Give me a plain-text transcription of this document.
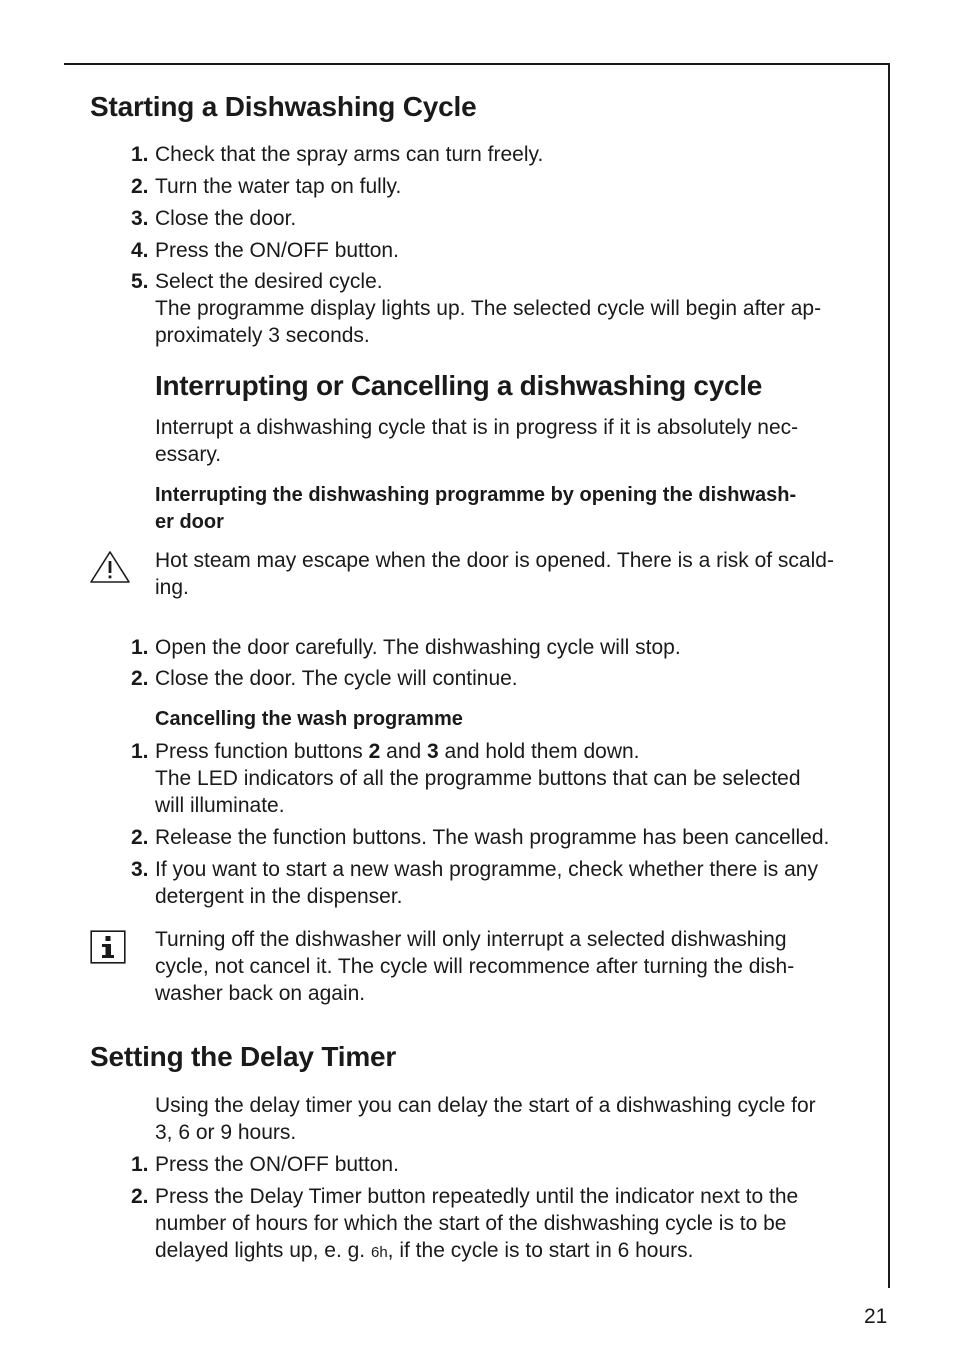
Starting a Dishwashing Cycle
1. Check that the spray arms can turn freely.
2. Turn the water tap on fully.
3. Close the door.
4. Press the ON/OFF button.
5. Select the desired cycle.
The programme display lights up. The selected cycle will begin after ap-
proximately 3 seconds.
Interrupting or Cancelling a dishwashing cycle
Interrupt a dishwashing cycle that is in progress if it is absolutely nec-
essary.
Interrupting the dishwashing programme by opening the dishwash-
er door
Hot steam may escape when the door is opened. There is a risk of scald-
ing.
1. Open the door carefully. The dishwashing cycle will stop.
2. Close the door. The cycle will continue.
Cancelling the wash programme
1. Press function buttons 2 and 3 and hold them down.
The LED indicators of all the programme buttons that can be selected
will illuminate.
2. Release the function buttons. The wash programme has been cancelled.
3. If you want to start a new wash programme, check whether there is any
detergent in the dispenser.
Turning off the dishwasher will only interrupt a selected dishwashing
cycle, not cancel it. The cycle will recommence after turning the dish-
washer back on again.
Setting the Delay Timer
Using the delay timer you can delay the start of a dishwashing cycle for
3, 6 or 9 hours.
1. Press the ON/OFF button.
2. Press the Delay Timer button repeatedly until the indicator next to the
number of hours for which the start of the dishwashing cycle is to be
delayed lights up, e. g. 6h, if the cycle is to start in 6 hours.
21
